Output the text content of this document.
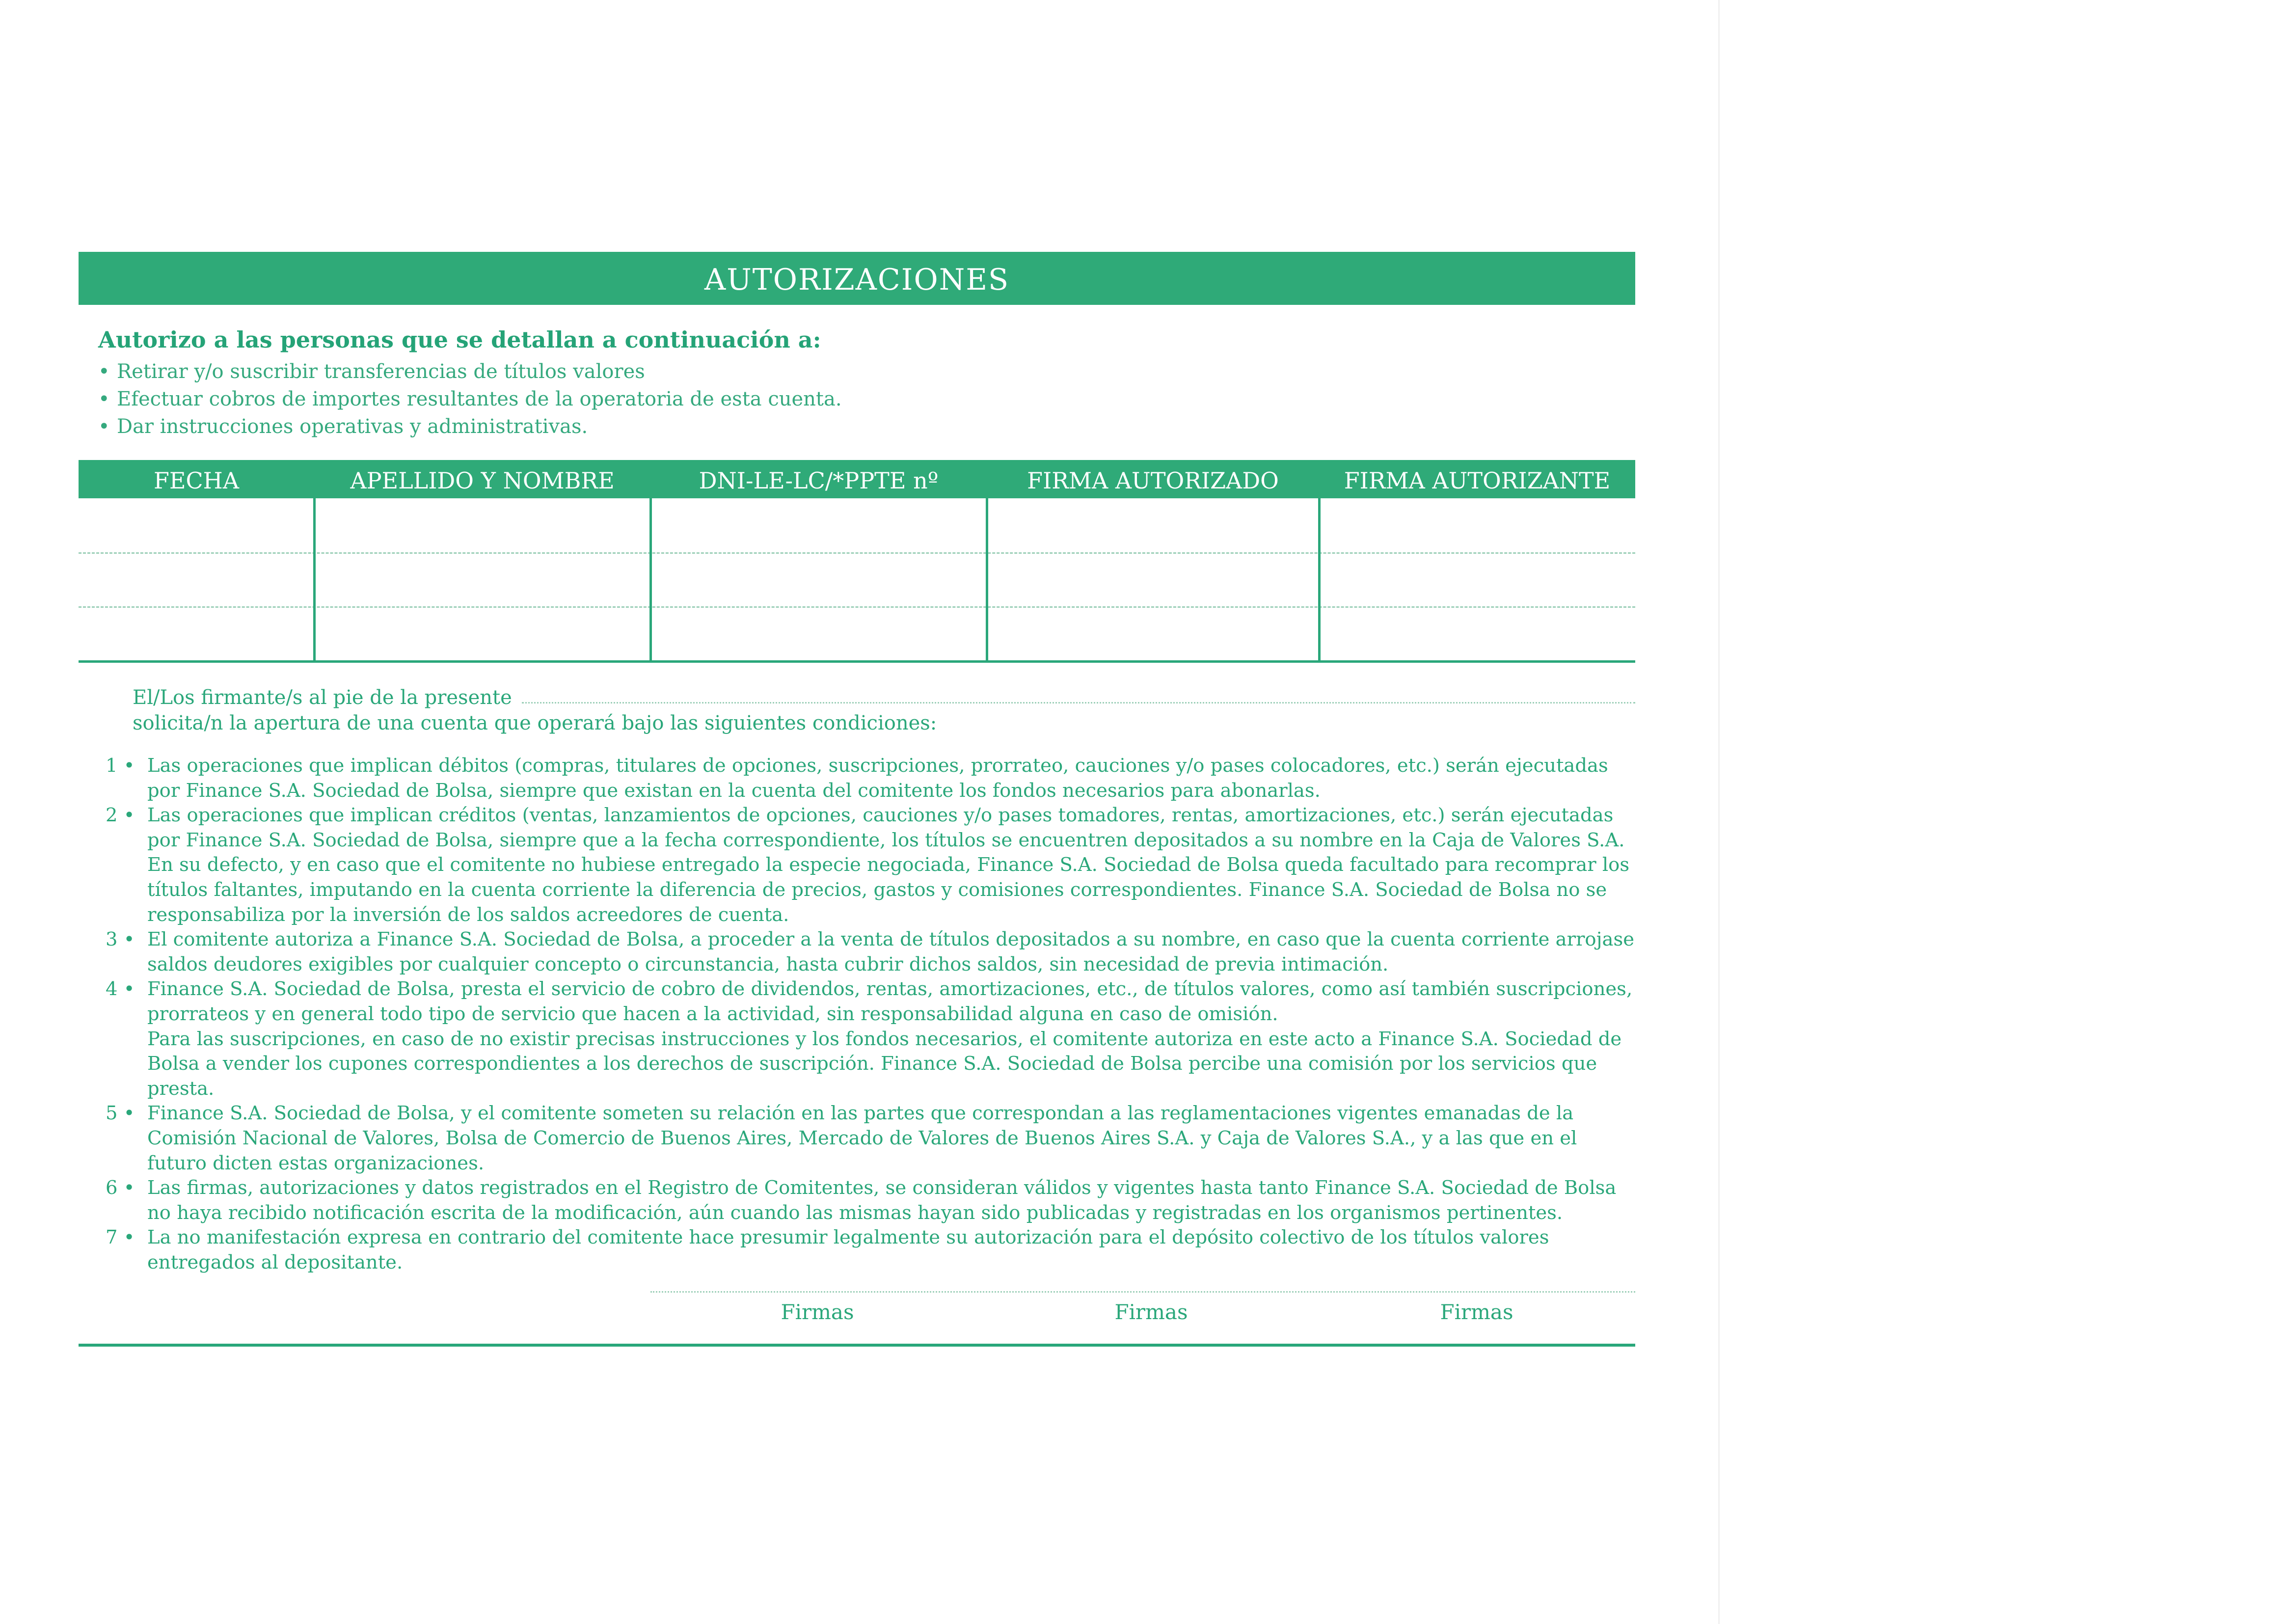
AUTORIZACIONES
Autorizo a las personas que se detallan a continuación a:
• Retirar y/o suscribir transferencias de títulos valores
• Efectuar cobros de importes resultantes de la operatoria de esta cuenta.
• Dar instrucciones operativas y administrativas.
FECHA	APELLIDO Y NOMBRE	DNI-LE-LC/*PPTE nº	FIRMA AUTORIZADO	FIRMA AUTORIZANTE
El/Los firmante/s al pie de la presente
solicita/n la apertura de una cuenta que operará bajo las siguientes condiciones:
1 • Las operaciones que implican débitos (compras, titulares de opciones, suscripciones, prorrateo, cauciones y/o pases colocadores, etc.) serán ejecutadas por Finance S.A. Sociedad de Bolsa, siempre que existan en la cuenta del comitente los fondos necesarios para abonarlas.
2 • Las operaciones que implican créditos (ventas, lanzamientos de opciones, cauciones y/o pases tomadores, rentas, amortizaciones, etc.) serán ejecutadas por Finance S.A. Sociedad de Bolsa, siempre que a la fecha correspondiente, los títulos se encuentren depositados a su nombre en la Caja de Valores S.A. En su defecto, y en caso que el comitente no hubiese entregado la especie negociada, Finance S.A. Sociedad de Bolsa queda facultado para recomprar los títulos faltantes, imputando en la cuenta corriente la diferencia de precios, gastos y comisiones correspondientes. Finance S.A. Sociedad de Bolsa no se responsabiliza por la inversión de los saldos acreedores de cuenta.
3 • El comitente autoriza a Finance S.A. Sociedad de Bolsa, a proceder a la venta de títulos depositados a su nombre, en caso que la cuenta corriente arrojase saldos deudores exigibles por cualquier concepto o circunstancia, hasta cubrir dichos saldos, sin necesidad de previa intimación.
4 • Finance S.A. Sociedad de Bolsa, presta el servicio de cobro de dividendos, rentas, amortizaciones, etc., de títulos valores, como así también suscripciones, prorrateos y en general todo tipo de servicio que hacen a la actividad, sin responsabilidad alguna en caso de omisión.
Para las suscripciones, en caso de no existir precisas instrucciones y los fondos necesarios, el comitente autoriza en este acto a Finance S.A. Sociedad de Bolsa a vender los cupones correspondientes a los derechos de suscripción. Finance S.A. Sociedad de Bolsa percibe una comisión por los servicios que presta.
5 • Finance S.A. Sociedad de Bolsa, y el comitente someten su relación en las partes que correspondan a las reglamentaciones vigentes emanadas de la Comisión Nacional de Valores, Bolsa de Comercio de Buenos Aires, Mercado de Valores de Buenos Aires S.A. y Caja de Valores S.A., y a las que en el futuro dicten estas organizaciones.
6 • Las firmas, autorizaciones y datos registrados en el Registro de Comitentes, se consideran válidos y vigentes hasta tanto Finance S.A. Sociedad de Bolsa no haya recibido notificación escrita de la modificación, aún cuando las mismas hayan sido publicadas y registradas en los organismos pertinentes.
7 • La no manifestación expresa en contrario del comitente hace presumir legalmente su autorización para el depósito colectivo de los títulos valores entregados al depositante.
Firmas	Firmas	Firmas
